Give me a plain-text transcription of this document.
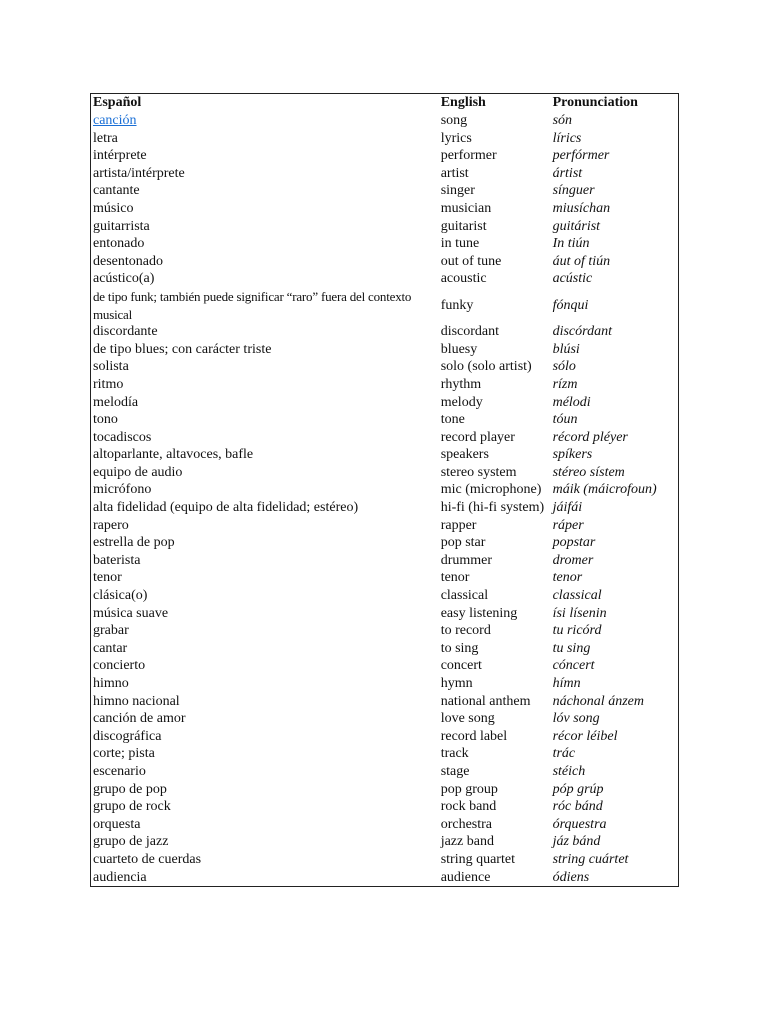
Español	English	Pronunciation
canción	song	són
letra	lyrics	lírics
intérprete	performer	perfórmer
artista/intérprete	artist	ártist
cantante	singer	sínguer
músico	musician	miusíchan
guitarrista	guitarist	guitárist
entonado	in tune	In tiún
desentonado	out of tune	áut of tiún
acústico(a)	acoustic	acústic
de tipo funk; también puede significar “raro” fuera del contexto musical	funky	fónqui
discordante	discordant	discórdant
de tipo blues; con carácter triste	bluesy	blúsi
solista	solo (solo artist)	sólo
ritmo	rhythm	rízm
melodía	melody	mélodi
tono	tone	tóun
tocadiscos	record player	récord pléyer
altoparlante, altavoces, bafle	speakers	spíkers
equipo de audio	stereo system	stéreo sístem
micrófono	mic (microphone)	máik (máicrofoun)
alta fidelidad (equipo de alta fidelidad; estéreo)	hi-fi (hi-fi system)	jáifái
rapero	rapper	ráper
estrella de pop	pop star	popstar
baterista	drummer	dromer
tenor	tenor	tenor
clásica(o)	classical	classical
música suave	easy listening	ísi lísenin
grabar	to record	tu ricórd
cantar	to sing	tu sing
concierto	concert	cóncert
himno	hymn	hímn
himno nacional	national anthem	náchonal ánzem
canción de amor	love song	lóv song
discográfica	record label	récor léibel
corte; pista	track	trác
escenario	stage	stéich
grupo de pop	pop group	póp grúp
grupo de rock	rock band	róc bánd
orquesta	orchestra	órquestra
grupo de jazz	jazz band	jáz bánd
cuarteto de cuerdas	string quartet	string cuártet
audiencia	audience	ódiens
